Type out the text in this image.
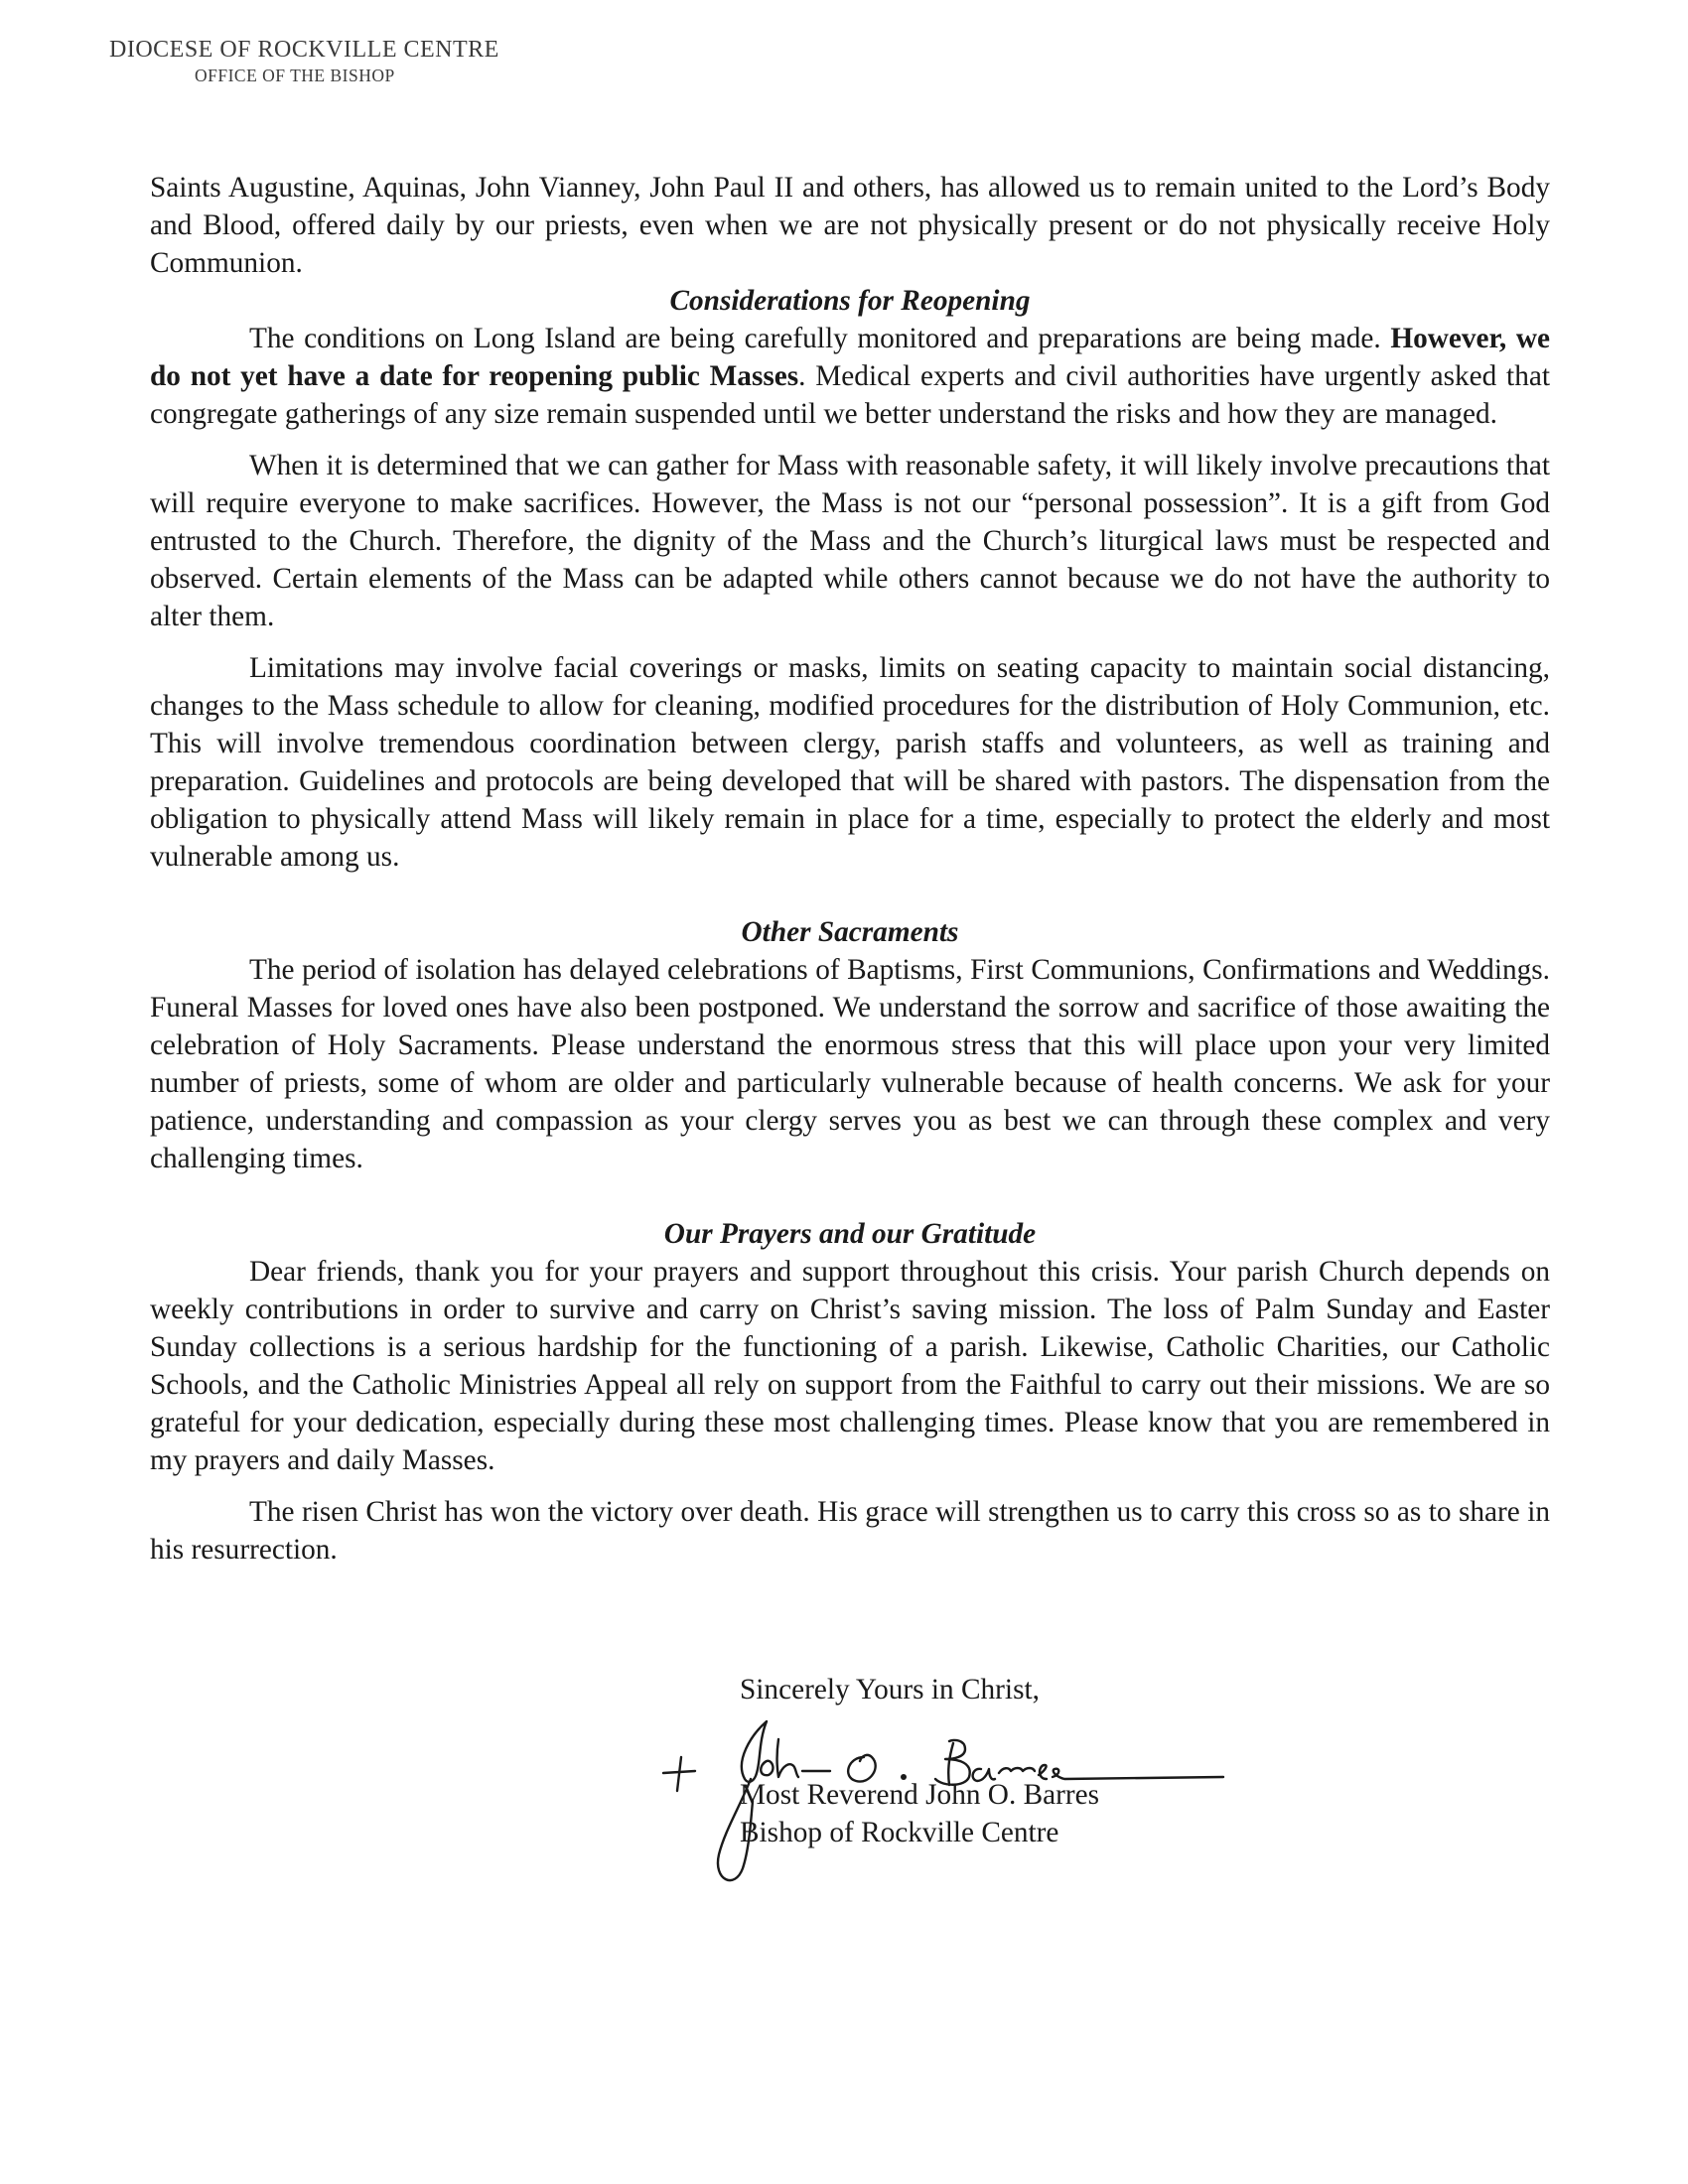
DIOCESE OF ROCKVILLE CENTRE
OFFICE OF THE BISHOP

Saints Augustine, Aquinas, John Vianney, John Paul II and others, has allowed us to remain united to the Lord’s Body and Blood, offered daily by our priests, even when we are not physically present or do not physically receive Holy Communion.

Considerations for Reopening

The conditions on Long Island are being carefully monitored and preparations are being made. However, we do not yet have a date for reopening public Masses. Medical experts and civil authorities have urgently asked that congregate gatherings of any size remain suspended until we better understand the risks and how they are managed.

When it is determined that we can gather for Mass with reasonable safety, it will likely involve precautions that will require everyone to make sacrifices. However, the Mass is not our “personal possession”. It is a gift from God entrusted to the Church. Therefore, the dignity of the Mass and the Church’s liturgical laws must be respected and observed. Certain elements of the Mass can be adapted while others cannot because we do not have the authority to alter them.

Limitations may involve facial coverings or masks, limits on seating capacity to maintain social distancing, changes to the Mass schedule to allow for cleaning, modified procedures for the distribution of Holy Communion, etc. This will involve tremendous coordination between clergy, parish staffs and volunteers, as well as training and preparation. Guidelines and protocols are being developed that will be shared with pastors. The dispensation from the obligation to physically attend Mass will likely remain in place for a time, especially to protect the elderly and most vulnerable among us.

Other Sacraments

The period of isolation has delayed celebrations of Baptisms, First Communions, Confirmations and Weddings. Funeral Masses for loved ones have also been postponed. We understand the sorrow and sacrifice of those awaiting the celebration of Holy Sacraments. Please understand the enormous stress that this will place upon your very limited number of priests, some of whom are older and particularly vulnerable because of health concerns. We ask for your patience, understanding and compassion as your clergy serves you as best we can through these complex and very challenging times.

Our Prayers and our Gratitude

Dear friends, thank you for your prayers and support throughout this crisis. Your parish Church depends on weekly contributions in order to survive and carry on Christ’s saving mission. The loss of Palm Sunday and Easter Sunday collections is a serious hardship for the functioning of a parish. Likewise, Catholic Charities, our Catholic Schools, and the Catholic Ministries Appeal all rely on support from the Faithful to carry out their missions. We are so grateful for your dedication, especially during these most challenging times. Please know that you are remembered in my prayers and daily Masses.

The risen Christ has won the victory over death. His grace will strengthen us to carry this cross so as to share in his resurrection.

Sincerely Yours in Christ,
Most Reverend John O. Barres
Bishop of Rockville Centre
